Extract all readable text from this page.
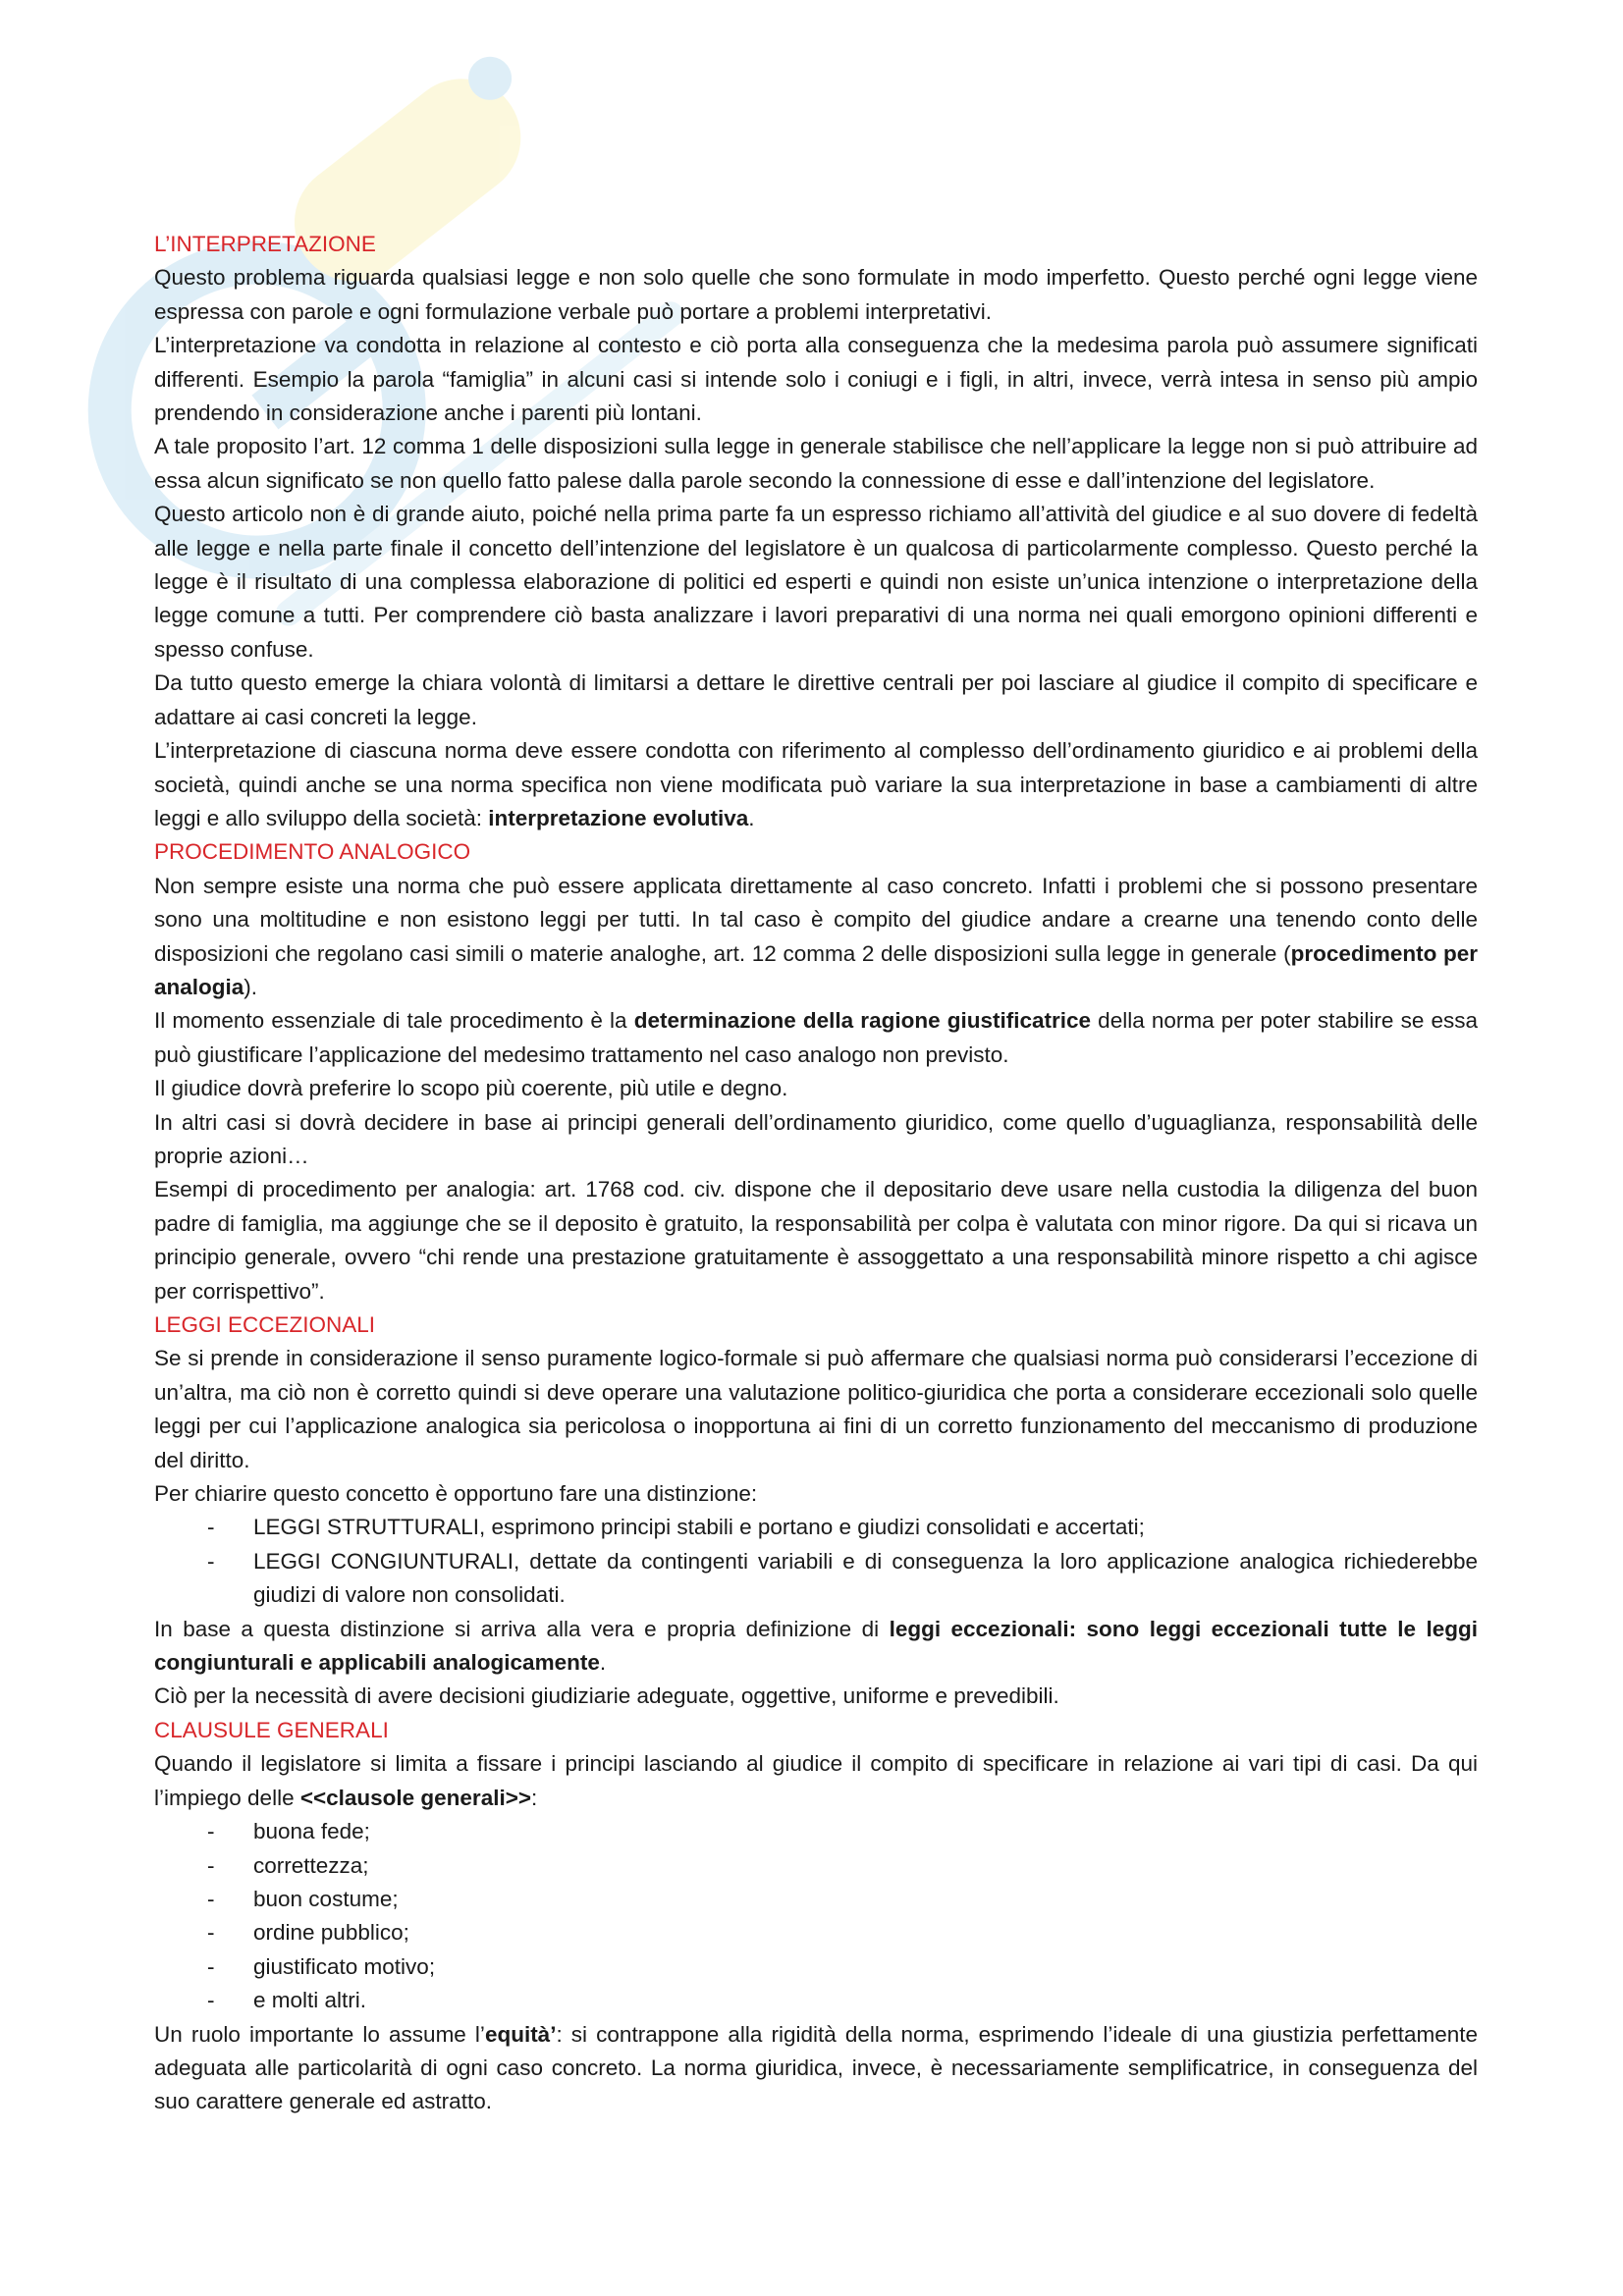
L’INTERPRETAZIONE

Questo problema riguarda qualsiasi legge e non solo quelle che sono formulate in modo imperfetto. Questo perché ogni legge viene espressa con parole e ogni formulazione verbale può portare a problemi interpretativi.

L’interpretazione va condotta in relazione al contesto e ciò porta alla conseguenza che la medesima parola può assumere significati differenti. Esempio la parola “famiglia” in alcuni casi si intende solo i coniugi e i figli, in altri, invece, verrà intesa in senso più ampio prendendo in considerazione anche i parenti più lontani.

A tale proposito l’art. 12 comma 1 delle disposizioni sulla legge in generale stabilisce che nell’applicare la legge non si può attribuire ad essa alcun significato se non quello fatto palese dalla parole secondo la connessione di esse e dall’intenzione del legislatore.

Questo articolo non è di grande aiuto, poiché nella prima parte fa un espresso richiamo all’attività del giudice e al suo dovere di fedeltà alle legge e nella parte finale il concetto dell’intenzione del legislatore è un qualcosa di particolarmente complesso. Questo perché la legge è il risultato di una complessa elaborazione di politici ed esperti e quindi non esiste un’unica intenzione o interpretazione della legge comune a tutti. Per comprendere ciò basta analizzare i lavori preparativi di una norma nei quali emorgono opinioni differenti e spesso confuse.

Da tutto questo emerge la chiara volontà di limitarsi a dettare le direttive centrali per poi lasciare al giudice il compito di specificare e adattare ai casi concreti la legge.

L’interpretazione di ciascuna norma deve essere condotta con riferimento al complesso dell’ordinamento giuridico e ai problemi della società, quindi anche se una norma specifica non viene modificata può variare la sua interpretazione in base a cambiamenti di altre leggi e allo sviluppo della società: interpretazione evolutiva.

PROCEDIMENTO ANALOGICO

Non sempre esiste una norma che può essere applicata direttamente al caso concreto. Infatti i problemi che si possono presentare sono una moltitudine e non esistono leggi per tutti. In tal caso è compito del giudice andare a crearne una tenendo conto delle disposizioni che regolano casi simili o materie analoghe, art. 12 comma 2 delle disposizioni sulla legge in generale (procedimento per analogia).

Il momento essenziale di tale procedimento è la determinazione della ragione giustificatrice della norma per poter stabilire se essa può giustificare l’applicazione del medesimo trattamento nel caso analogo non previsto.

Il giudice dovrà preferire lo scopo più coerente, più utile e degno.

In altri casi si dovrà decidere in base ai principi generali dell’ordinamento giuridico, come quello d’uguaglianza, responsabilità delle proprie azioni…

Esempi di procedimento per analogia: art. 1768 cod. civ. dispone che il depositario deve usare nella custodia la diligenza del buon padre di famiglia, ma aggiunge che se il deposito è gratuito, la responsabilità per colpa è valutata con minor rigore. Da qui si ricava un principio generale, ovvero “chi rende una prestazione gratuitamente è assoggettato a una responsabilità minore rispetto a chi agisce per corrispettivo”.

LEGGI ECCEZIONALI

Se si prende in considerazione il senso puramente logico-formale si può affermare che qualsiasi norma può considerarsi l’eccezione di un’altra, ma ciò non è corretto quindi si deve operare una valutazione politico-giuridica che porta a considerare eccezionali solo quelle leggi per cui l’applicazione analogica sia pericolosa o inopportuna ai fini di un corretto funzionamento del meccanismo di produzione del diritto.

Per chiarire questo concetto è opportuno fare una distinzione:

- LEGGI STRUTTURALI, esprimono principi stabili e portano e giudizi consolidati e accertati;
- LEGGI CONGIUNTURALI, dettate da contingenti variabili e di conseguenza la loro applicazione analogica richiederebbe giudizi di valore non consolidati.

In base a questa distinzione si arriva alla vera e propria definizione di leggi eccezionali: sono leggi eccezionali tutte le leggi congiunturali e applicabili analogicamente.

Ciò per la necessità di avere decisioni giudiziarie adeguate, oggettive, uniforme e prevedibili.

CLAUSULE GENERALI

Quando il legislatore si limita a fissare i principi lasciando al giudice il compito di specificare in relazione ai vari tipi di casi. Da qui l’impiego delle <<clausole generali>>:

- buona fede;
- correttezza;
- buon costume;
- ordine pubblico;
- giustificato motivo;
- e molti altri.

Un ruolo importante lo assume l’equità’: si contrappone alla rigidità della norma, esprimendo l’ideale di una giustizia perfettamente adeguata alle particolarità di ogni caso concreto. La norma giuridica, invece, è necessariamente semplificatrice, in conseguenza del suo carattere generale ed astratto.
